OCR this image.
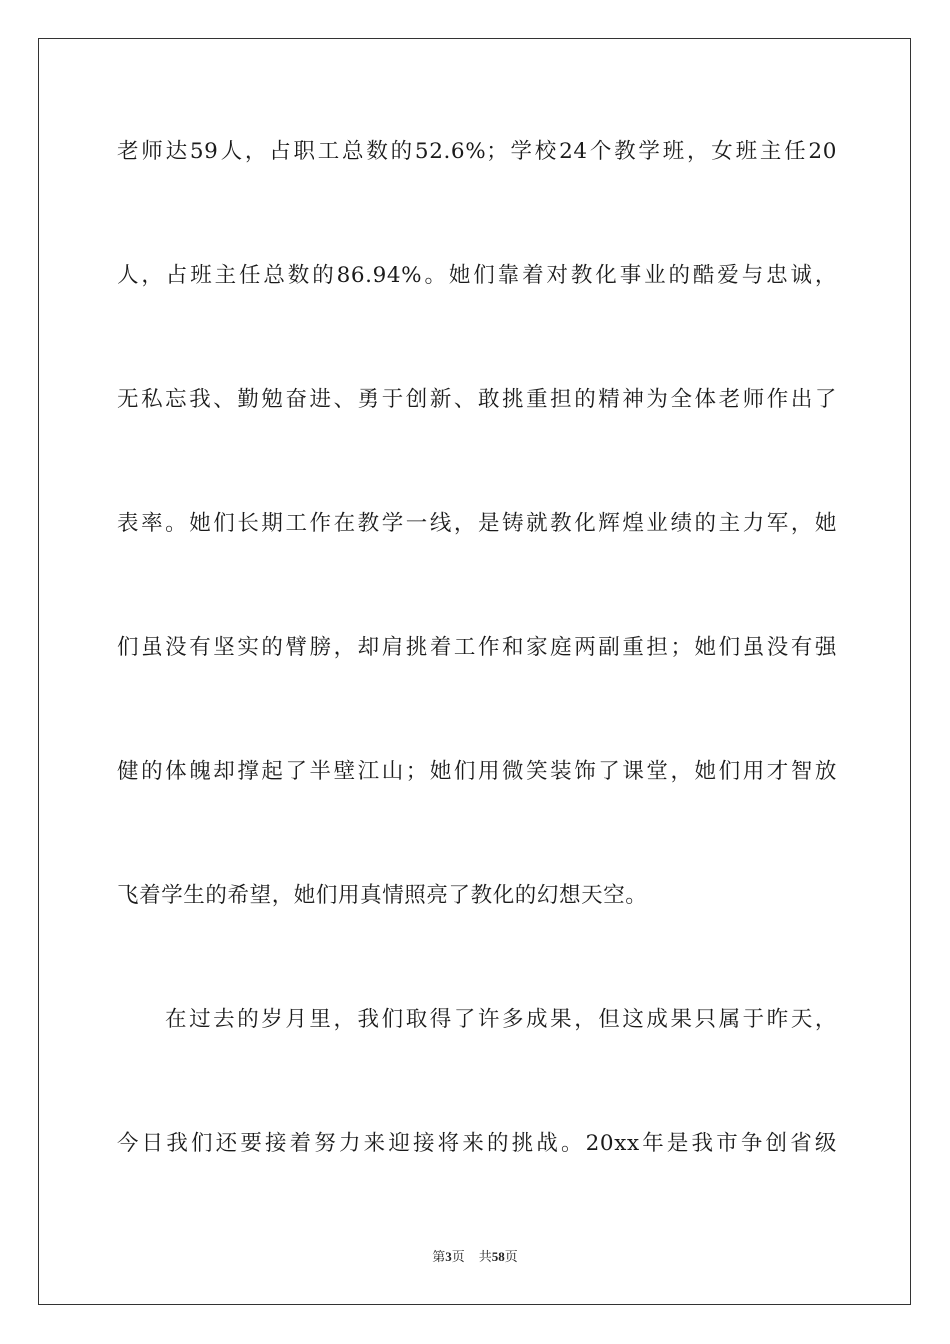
老师达59人，占职工总数的52.6%；学校24个教学班，女班主任20
人，占班主任总数的86.94%。她们靠着对教化事业的酷爱与忠诚，
无私忘我、勤勉奋进、勇于创新、敢挑重担的精神为全体老师作出了
表率。她们长期工作在教学一线，是铸就教化辉煌业绩的主力军，她
们虽没有坚实的臂膀，却肩挑着工作和家庭两副重担；她们虽没有强
健的体魄却撑起了半壁江山；她们用微笑装饰了课堂，她们用才智放
飞着学生的希望，她们用真情照亮了教化的幻想天空。
在过去的岁月里，我们取得了许多成果，但这成果只属于昨天，
今日我们还要接着努力来迎接将来的挑战。20xx年是我市争创省级
第3页 共58页
